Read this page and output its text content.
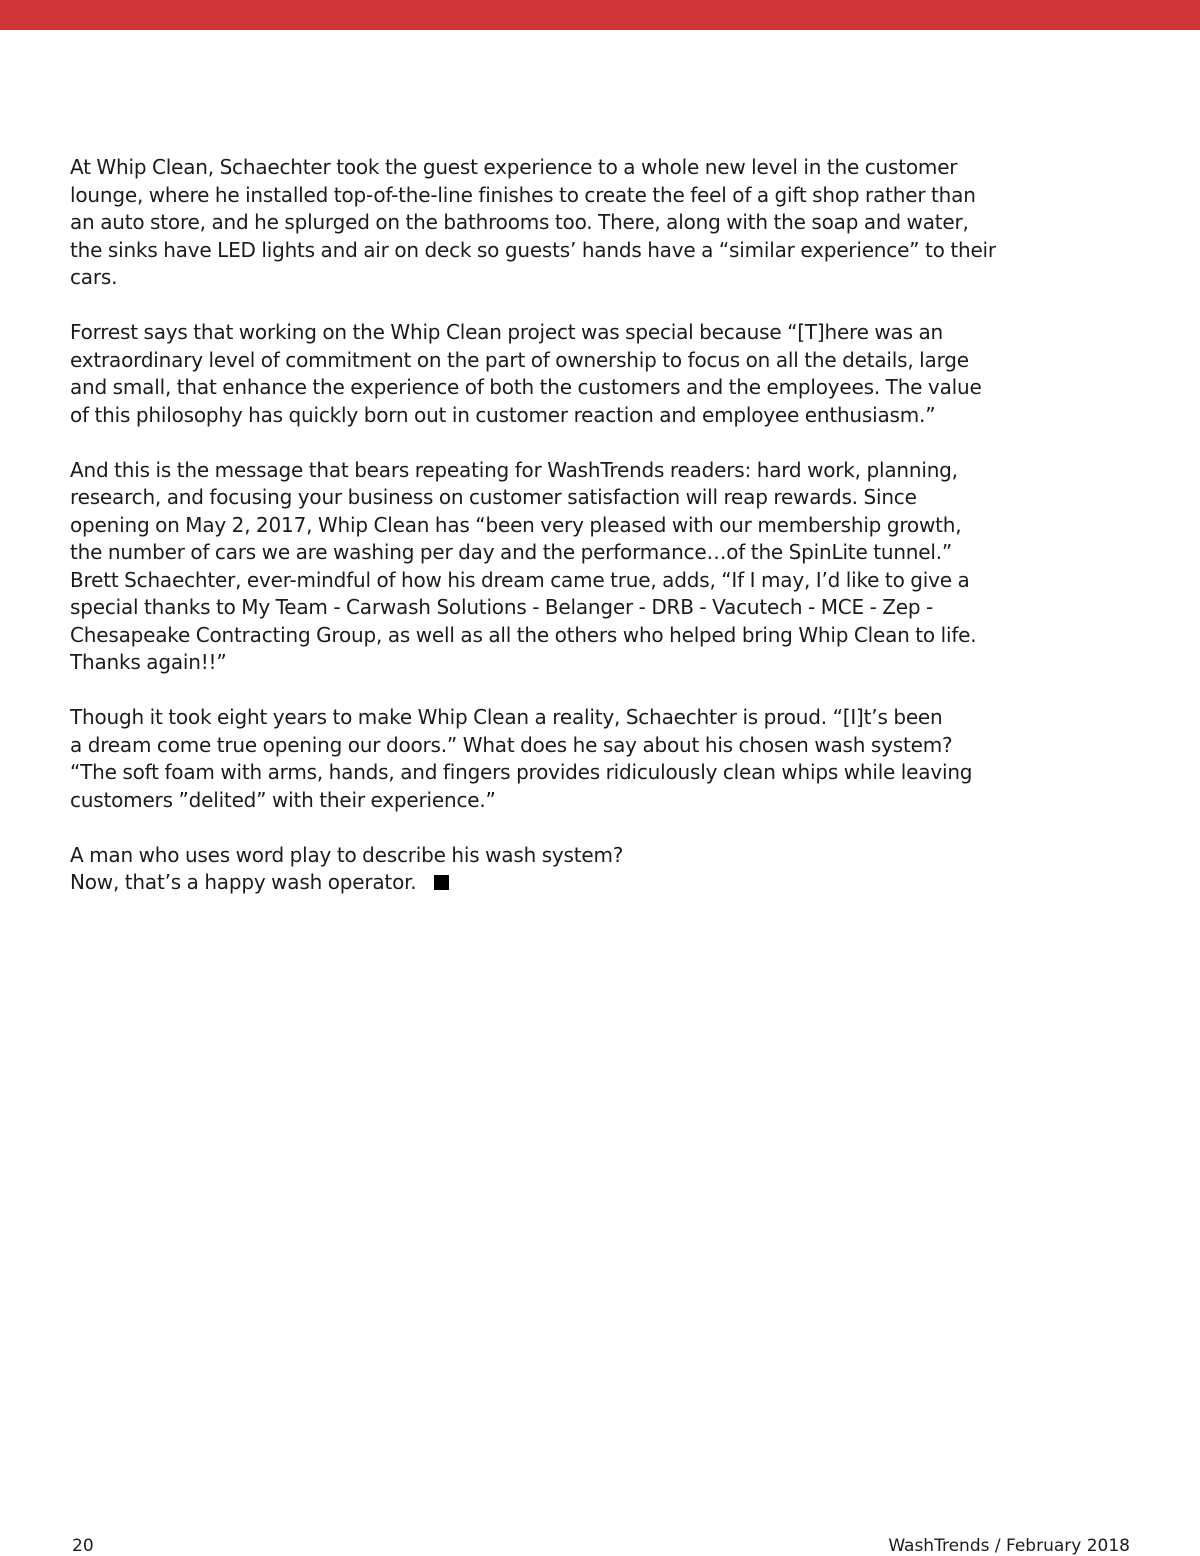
At Whip Clean, Schaechter took the guest experience to a whole new level in the customer
lounge, where he installed top-of-the-line finishes to create the feel of a gift shop rather than
an auto store, and he splurged on the bathrooms too. There, along with the soap and water,
the sinks have LED lights and air on deck so guests’ hands have a “similar experience” to their
cars.

Forrest says that working on the Whip Clean project was special because “[T]here was an
extraordinary level of commitment on the part of ownership to focus on all the details, large
and small, that enhance the experience of both the customers and the employees. The value
of this philosophy has quickly born out in customer reaction and employee enthusiasm.”

And this is the message that bears repeating for WashTrends readers: hard work, planning,
research, and focusing your business on customer satisfaction will reap rewards. Since
opening on May 2, 2017, Whip Clean has “been very pleased with our membership growth,
the number of cars we are washing per day and the performance…of the SpinLite tunnel.”
Brett Schaechter, ever-mindful of how his dream came true, adds, “If I may, I’d like to give a
special thanks to My Team - Carwash Solutions - Belanger - DRB - Vacutech - MCE - Zep -
Chesapeake Contracting Group, as well as all the others who helped bring Whip Clean to life.
Thanks again!!”

Though it took eight years to make Whip Clean a reality, Schaechter is proud. “[I]t’s been
a dream come true opening our doors.” What does he say about his chosen wash system?
“The soft foam with arms, hands, and fingers provides ridiculously clean whips while leaving
customers ”delited” with their experience.”

A man who uses word play to describe his wash system?
Now, that’s a happy wash operator.

20	WashTrends / February 2018
